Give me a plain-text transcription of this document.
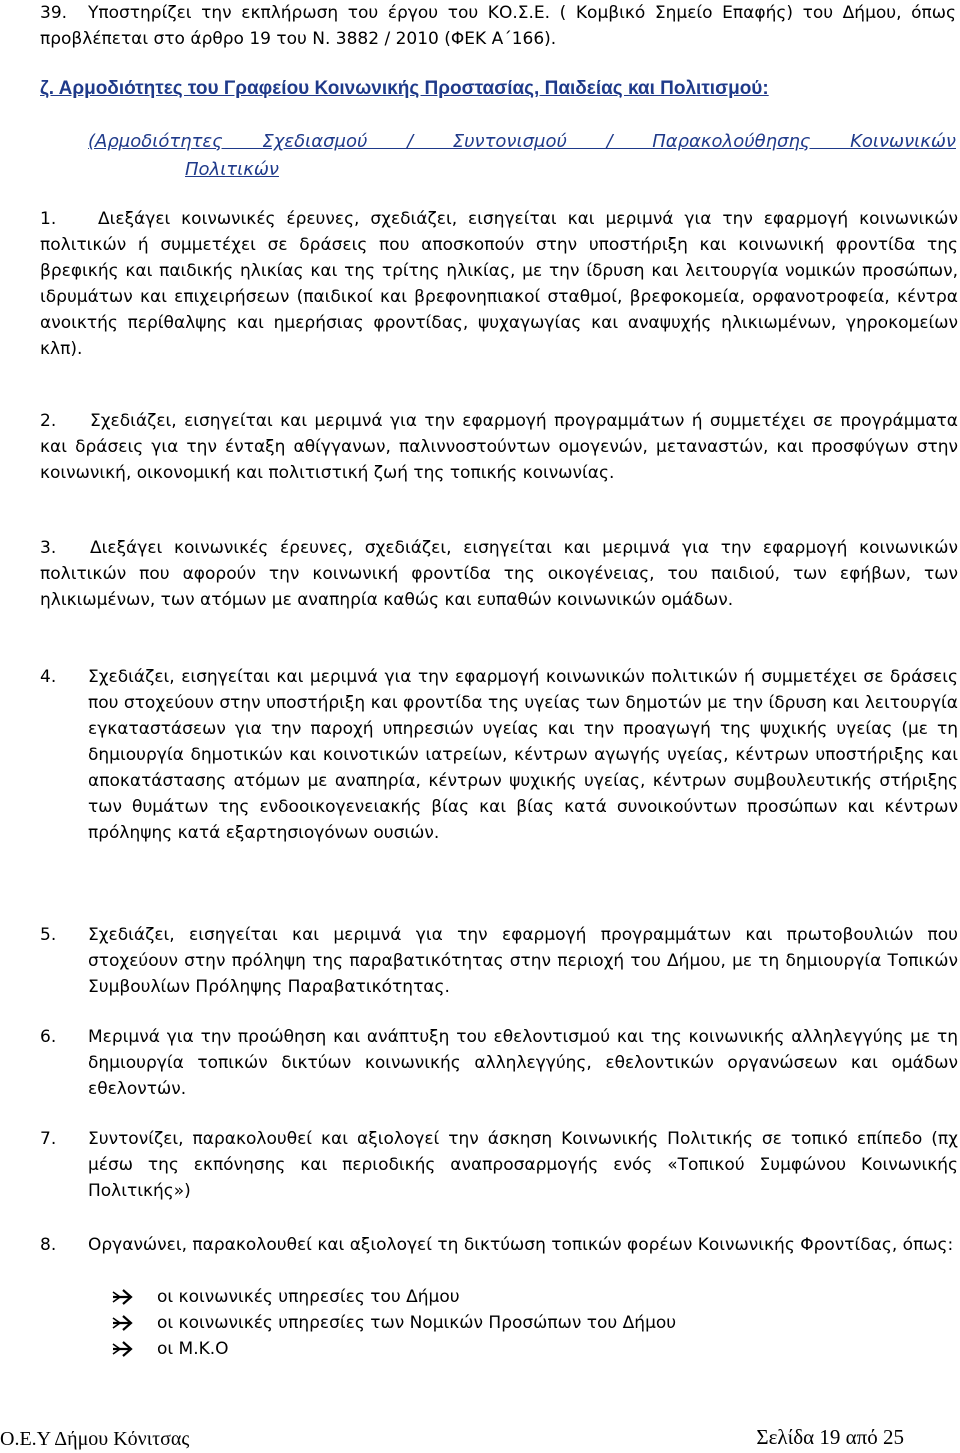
39. Υποστηρίζει την εκπλήρωση του έργου του ΚΟ.Σ.Ε. ( Κομβικό Σημείο Επαφής) του Δήμου, όπως προβλέπεται στο άρθρο 19 του Ν. 3882 / 2010 (ΦΕΚ Α΄166).
ζ. Αρμοδιότητες του Γραφείου Κοινωνικής Προστασίας, Παιδείας και Πολιτισμού:
(Αρμοδιότητες Σχεδιασμού / Συντονισμού / Παρακολούθησης Κοινωνικών
Πολιτικών
1.	Διεξάγει κοινωνικές έρευνες, σχεδιάζει, εισηγείται και μεριμνά για την εφαρμογή κοινωνικών πολιτικών ή συμμετέχει σε δράσεις που αποσκοπούν στην υποστήριξη και κοινωνική φροντίδα της βρεφικής και παιδικής ηλικίας και της τρίτης ηλικίας, με την ίδρυση και λειτουργία νομικών προσώπων, ιδρυμάτων και επιχειρήσεων (παιδικοί και βρεφονηπιακοί σταθμοί, βρεφοκομεία, ορφανοτροφεία, κέντρα ανοικτής περίθαλψης και ημερήσιας φροντίδας, ψυχαγωγίας και αναψυχής ηλικιωμένων, γηροκομείων κλπ).
2.	Σχεδιάζει, εισηγείται και μεριμνά για την εφαρμογή προγραμμάτων ή συμμετέχει σε προγράμματα και δράσεις για την ένταξη αθίγγανων, παλιννοστούντων ομογενών, μεταναστών, και προσφύγων στην κοινωνική, οικονομική και πολιτιστική ζωή της τοπικής κοινωνίας.
3.	Διεξάγει κοινωνικές έρευνες, σχεδιάζει, εισηγείται και μεριμνά για την εφαρμογή κοινωνικών πολιτικών που αφορούν την κοινωνική φροντίδα της οικογένειας, του παιδιού, των εφήβων, των ηλικιωμένων, των ατόμων με αναπηρία καθώς και ευπαθών κοινωνικών ομάδων.
4. Σχεδιάζει, εισηγείται και μεριμνά για την εφαρμογή κοινωνικών πολιτικών ή συμμετέχει σε δράσεις που στοχεύουν στην υποστήριξη και φροντίδα της υγείας των δημοτών με την ίδρυση και λειτουργία εγκαταστάσεων για την παροχή υπηρεσιών υγείας και την προαγωγή της ψυχικής υγείας (με τη δημιουργία δημοτικών και κοινοτικών ιατρείων, κέντρων αγωγής υγείας, κέντρων υποστήριξης και αποκατάστασης ατόμων με αναπηρία, κέντρων ψυχικής υγείας, κέντρων συμβουλευτικής στήριξης των θυμάτων της ενδοοικογενειακής βίας και βίας κατά συνοικούντων προσώπων και κέντρων πρόληψης κατά εξαρτησιογόνων ουσιών.
5. Σχεδιάζει, εισηγείται και μεριμνά για την εφαρμογή προγραμμάτων και πρωτοβουλιών που στοχεύουν στην πρόληψη της παραβατικότητας στην περιοχή του Δήμου, με τη δημιουργία Τοπικών Συμβουλίων Πρόληψης Παραβατικότητας.
6. Μεριμνά για την προώθηση και ανάπτυξη του εθελοντισμού και της κοινωνικής αλληλεγγύης με τη δημιουργία τοπικών δικτύων κοινωνικής αλληλεγγύης, εθελοντικών οργανώσεων και ομάδων εθελοντών.
7. Συντονίζει, παρακολουθεί και αξιολογεί την άσκηση Κοινωνικής Πολιτικής σε τοπικό επίπεδο (πχ μέσω της εκπόνησης και περιοδικής αναπροσαρμογής ενός «Τοπικού Συμφώνου Κοινωνικής Πολιτικής»)
8. Οργανώνει, παρακολουθεί και αξιολογεί τη δικτύωση τοπικών φορέων Κοινωνικής Φροντίδας, όπως:
οι κοινωνικές υπηρεσίες του Δήμου
οι κοινωνικές υπηρεσίες των Νομικών Προσώπων του Δήμου
οι Μ.Κ.Ο
Ο.Ε.Υ Δήμου Κόνιτσας	Σελίδα 19 από 25
